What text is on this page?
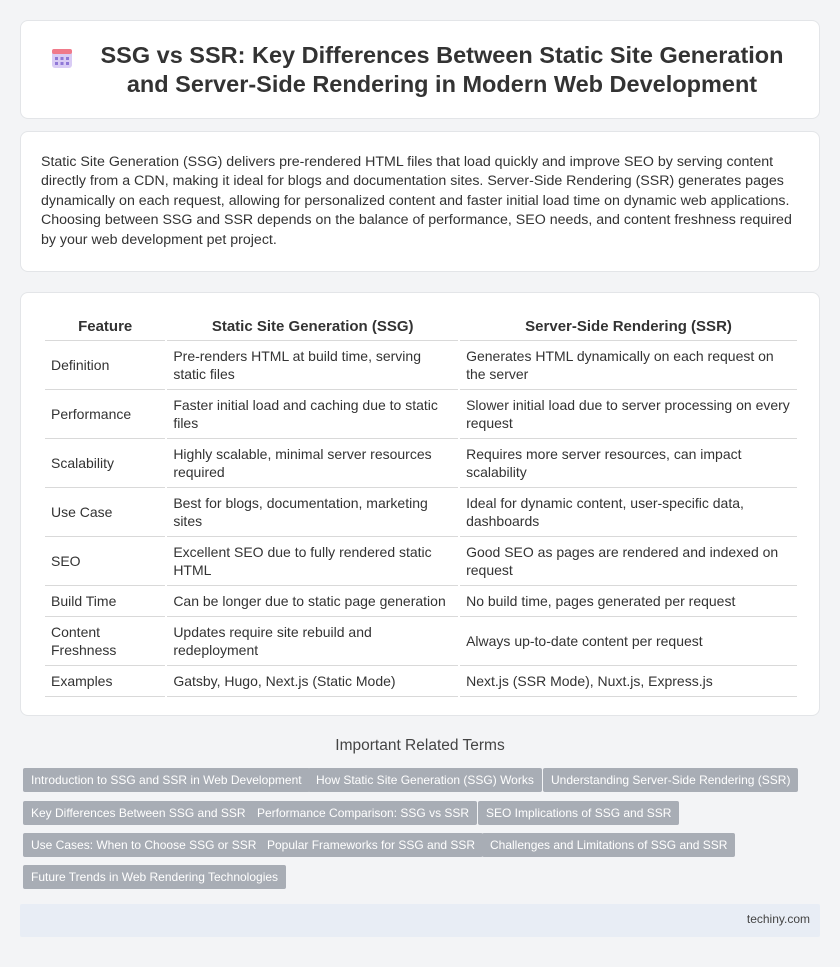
SSG vs SSR: Key Differences Between Static Site Generation and Server-Side Rendering in Modern Web Development

Static Site Generation (SSG) delivers pre-rendered HTML files that load quickly and improve SEO by serving content directly from a CDN, making it ideal for blogs and documentation sites. Server-Side Rendering (SSR) generates pages dynamically on each request, allowing for personalized content and faster initial load time on dynamic web applications. Choosing between SSG and SSR depends on the balance of performance, SEO needs, and content freshness required by your web development pet project.

Feature	Static Site Generation (SSG)	Server-Side Rendering (SSR)
Definition	Pre-renders HTML at build time, serving static files	Generates HTML dynamically on each request on the server
Performance	Faster initial load and caching due to static files	Slower initial load due to server processing on every request
Scalability	Highly scalable, minimal server resources required	Requires more server resources, can impact scalability
Use Case	Best for blogs, documentation, marketing sites	Ideal for dynamic content, user-specific data, dashboards
SEO	Excellent SEO due to fully rendered static HTML	Good SEO as pages are rendered and indexed on request
Build Time	Can be longer due to static page generation	No build time, pages generated per request
Content Freshness	Updates require site rebuild and redeployment	Always up-to-date content per request
Examples	Gatsby, Hugo, Next.js (Static Mode)	Next.js (SSR Mode), Nuxt.js, Express.js
Important Related Terms
Introduction to SSG and SSR in Web Development	How Static Site Generation (SSG) Works	Understanding Server-Side Rendering (SSR)
Key Differences Between SSG and SSR Performance Comparison: SSG vs SSR	SEO Implications of SSG and SSR
Use Cases: When to Choose SSG or SSR Popular Frameworks for SSG and SSR	Challenges and Limitations of SSG and SSR
Future Trends in Web Rendering Technologies
techiny.com
